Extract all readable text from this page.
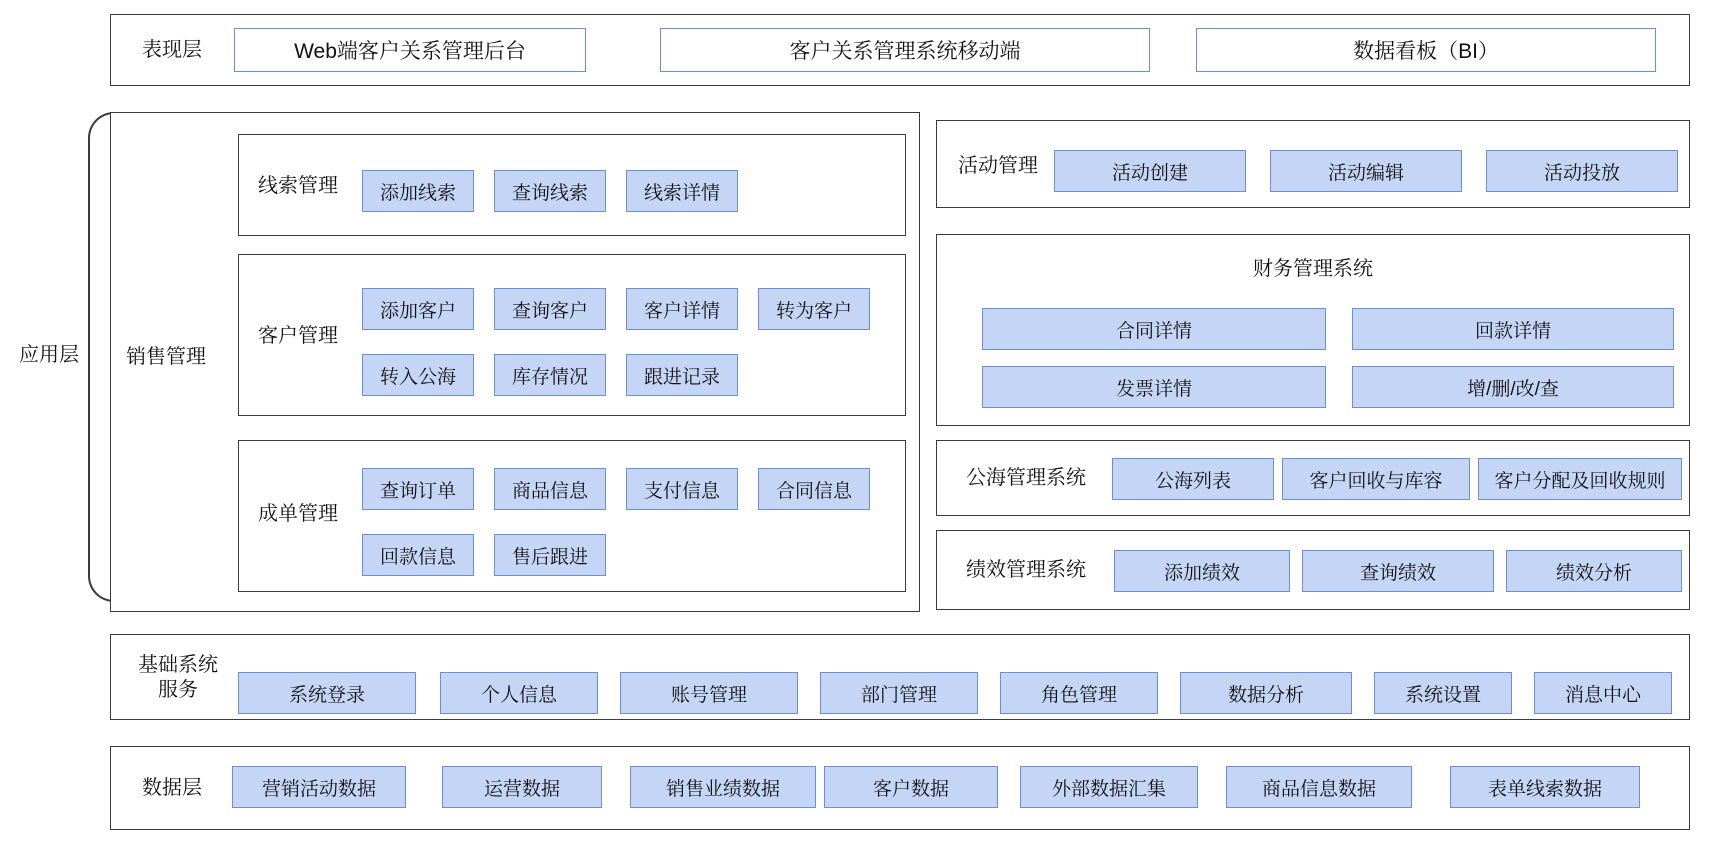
表现层	Web端客户关系管理后台	客户关系管理系统移动端	数据看板（BI）
应用层	销售管理
线索管理	添加线索	查询线索	线索详情
客户管理
添加客户	查询客户	客户详情	转为客户
转入公海	库存情况	跟进记录
成单管理
查询订单	商品信息	支付信息	合同信息
回款信息	售后跟进
活动管理	活动创建	活动编辑	活动投放
财务管理系统
合同详情	回款详情
发票详情	增/删/改/查
公海管理系统	公海列表	客户回收与库容	客户分配及回收规则
绩效管理系统	添加绩效	查询绩效	绩效分析
基础系统
服务	系统登录	个人信息	账号管理	部门管理	角色管理	数据分析	系统设置	消息中心
数据层	营销活动数据	运营数据	销售业绩数据	客户数据	外部数据汇集	商品信息数据	表单线索数据
